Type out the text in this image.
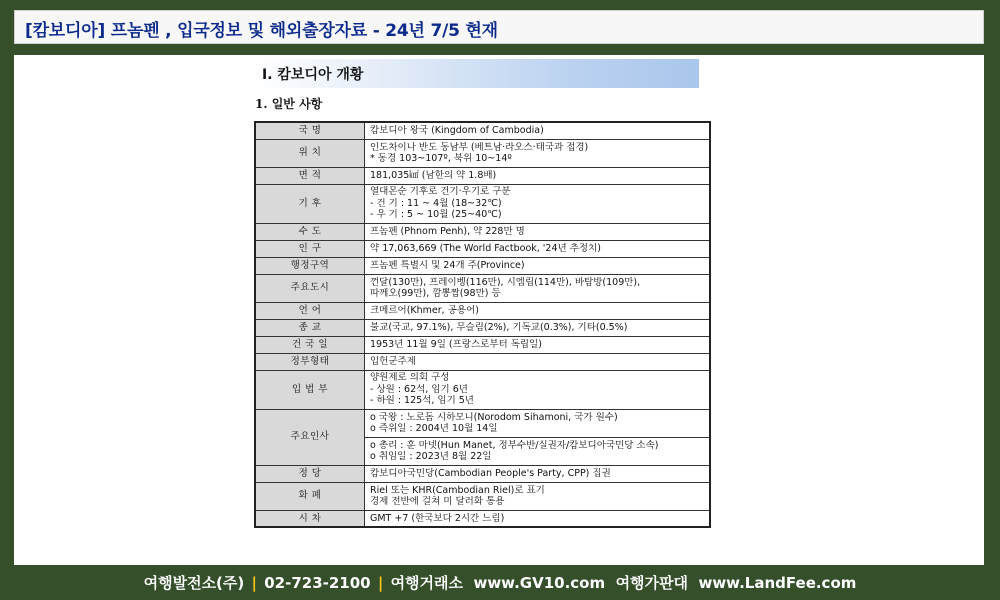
[캄보디아] 프놈펜 , 입국정보 및 해외출장자료 - 24년 7/5 현재
Ⅰ. 캄보디아 개황
1. 일반 사항
국 명	캄보디아 왕국 (Kingdom of Cambodia)

위 치	인도차이나 반도 동남부 (베트남·라오스·태국과 접경)
* 동경 103~107º, 북위 10~14º

면 적	181,035㎢ (남한의 약 1.8배)

기 후	열대몬순 기후로 건기·우기로 구분
- 건 기 : 11 ~ 4월 (18~32℃)
- 우 기 : 5 ~ 10월 (25~40℃)

수 도	프놈펜 (Phnom Penh), 약 228만 명

인 구	약 17,063,669 (The World Factbook, '24년 추정치)

행정구역	프놈펜 특별시 및 24개 주(Province)

주요도시	껀달(130만), 프레이벵(116만), 시엠립(114만), 바탐방(109만),
따께오(99만), 깜뽕짬(98만) 등

언 어	크메르어(Khmer, 공용어)

종 교	불교(국교, 97.1%), 무슬림(2%), 기독교(0.3%), 기타(0.5%)

건 국 일	1953년 11월 9일 (프랑스로부터 독립일)

정부형태	입헌군주제

입 법 부	양원제로 의회 구성
- 상원 : 62석, 임기 6년
- 하원 : 125석, 임기 5년

주요인사	o 국왕 : 노로돔 시하모니(Norodom Sihamoni, 국가 원수)
o 즉위일 : 2004년 10월 14일

	o 총리 : 훈 마넷(Hun Manet, 정부수반/실권자/캄보디아국민당 소속)
o 취임일 : 2023년 8월 22일

정 당	캄보디아국민당(Cambodian People's Party, CPP) 집권

화 폐	Riel 또는 KHR(Cambodian Riel)로 표기
경제 전반에 걸쳐 미 달러화 통용

시 차	GMT +7 (한국보다 2시간 느림)
여행발전소(주) | 02-723-2100 | 여행거래소 www.GV10.com 여행가판대 www.LandFee.com
